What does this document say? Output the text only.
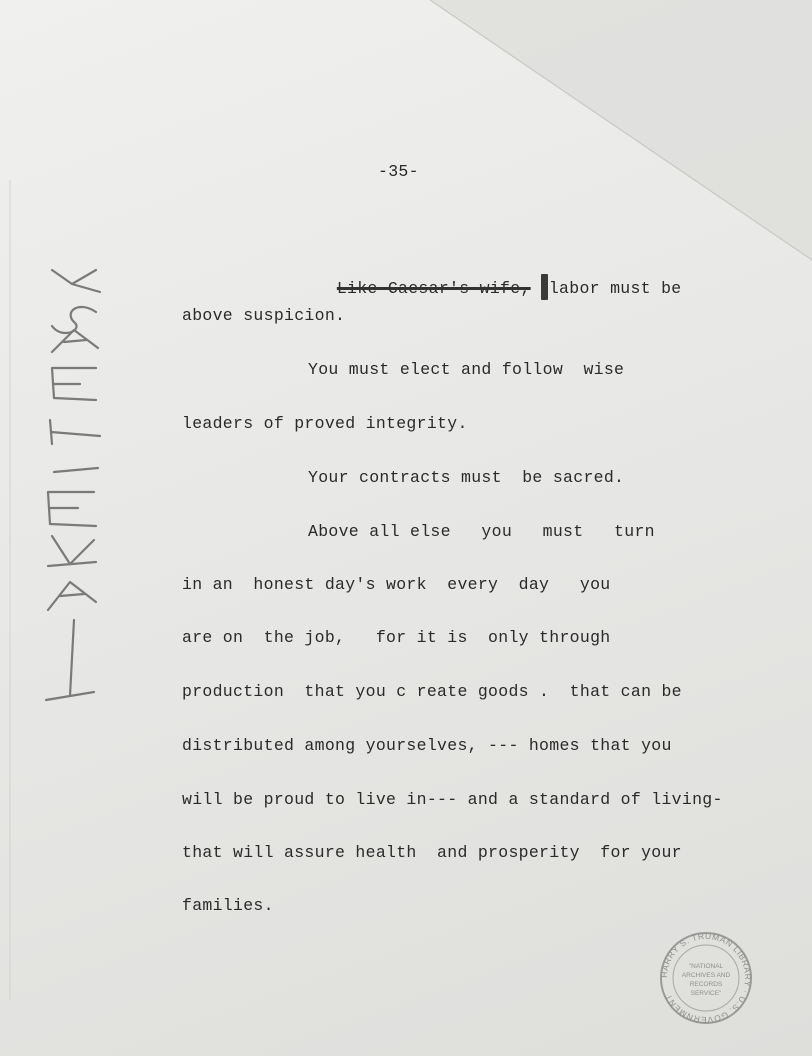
-35-

Like Caesar's wife, labor must be

above suspicion.
You must elect and follow  wise
leaders of proved integrity.
Your contracts must  be sacred.
Above all else   you   must   turn
in an  honest day's work  every  day   you
are on  the job,   for it is  only through
production  that you c reate goods .  that can be
distributed among yourselves, --- homes that you
will be proud to live in--- and a standard of living-
that will assure health  and prosperity  for your
families.
HARRY S. TRUMAN LIBRARY · U.S. GOVERNMENT
"NATIONAL
ARCHIVES AND
RECORDS
SERVICE"
